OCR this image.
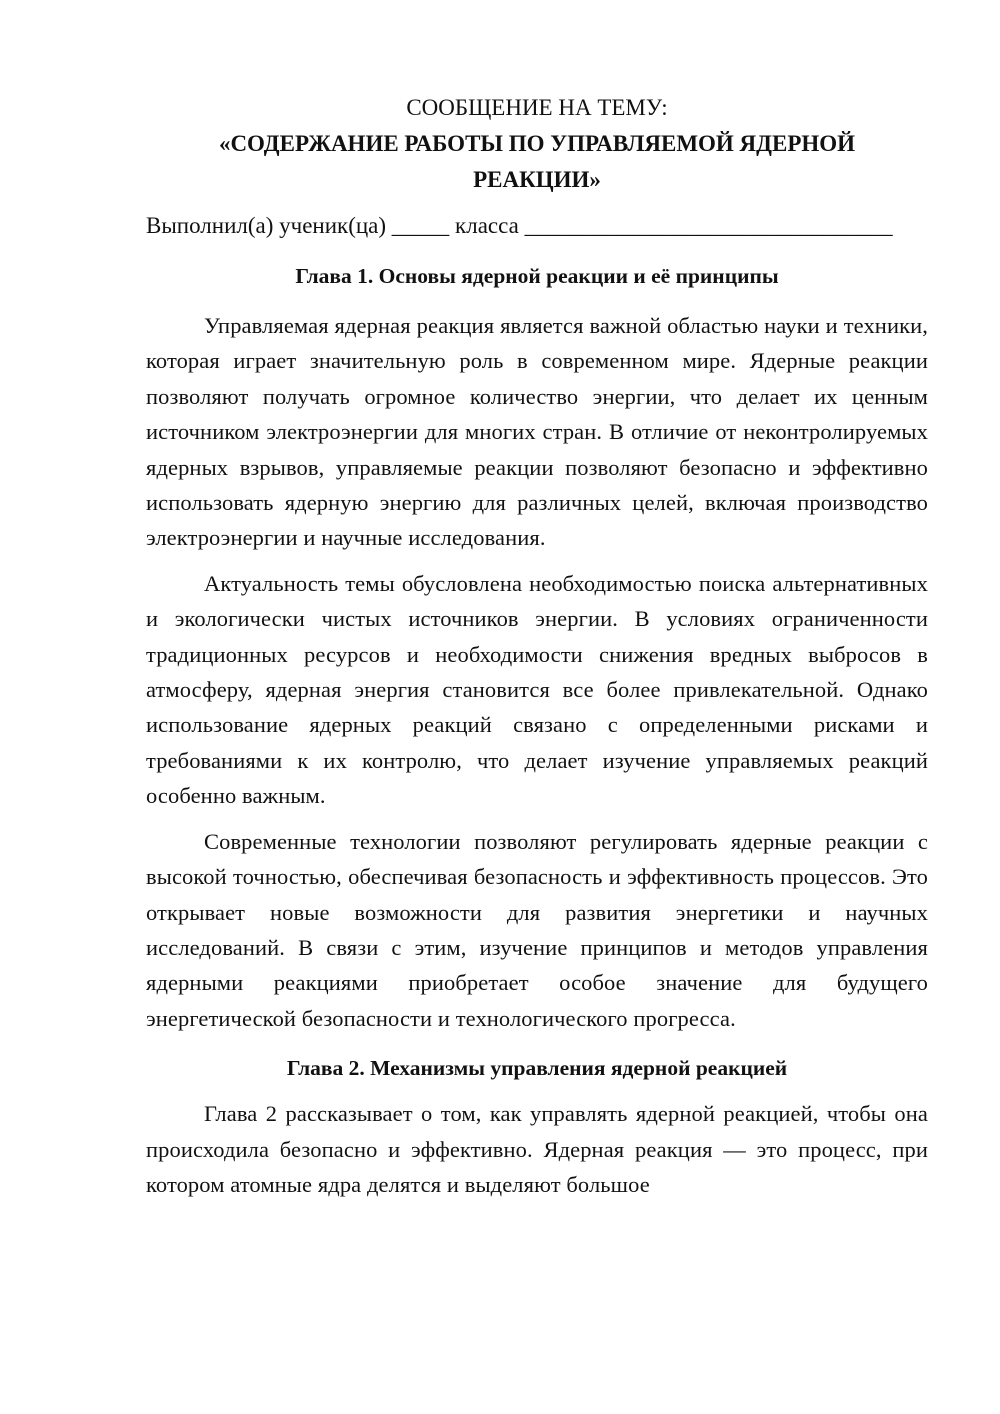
СООБЩЕНИЕ НА ТЕМУ:

«СОДЕРЖАНИЕ РАБОТЫ ПО УПРАВЛЯЕМОЙ ЯДЕРНОЙ
РЕАКЦИИ»

Выполнил(а) ученик(ца) _____ класса ________________________________
Глава 1. Основы ядерной реакции и её принципы

Управляемая ядерная реакция является важной областью науки и техники, которая играет значительную роль в современном мире. Ядерные реакции позволяют получать огромное количество энергии, что делает их ценным источником электроэнергии для многих стран. В отличие от неконтролируемых ядерных взрывов, управляемые реакции позволяют безопасно и эффективно использовать ядерную энергию для различных целей, включая производство электроэнергии и научные исследования.

Актуальность темы обусловлена необходимостью поиска альтернативных и экологически чистых источников энергии. В условиях ограниченности традиционных ресурсов и необходимости снижения вредных выбросов в атмосферу, ядерная энергия становится все более привлекательной. Однако использование ядерных реакций связано с определенными рисками и требованиями к их контролю, что делает изучение управляемых реакций особенно важным.

Современные технологии позволяют регулировать ядерные реакции с высокой точностью, обеспечивая безопасность и эффективность процессов. Это открывает новые возможности для развития энергетики и научных исследований. В связи с этим, изучение принципов и методов управления ядерными реакциями приобретает особое значение для будущего энергетической безопасности и технологического прогресса.

Глава 2. Механизмы управления ядерной реакцией

Глава 2 рассказывает о том, как управлять ядерной реакцией, чтобы она происходила безопасно и эффективно. Ядерная реакция — это процесс, при котором атомные ядра делятся и выделяют большое
